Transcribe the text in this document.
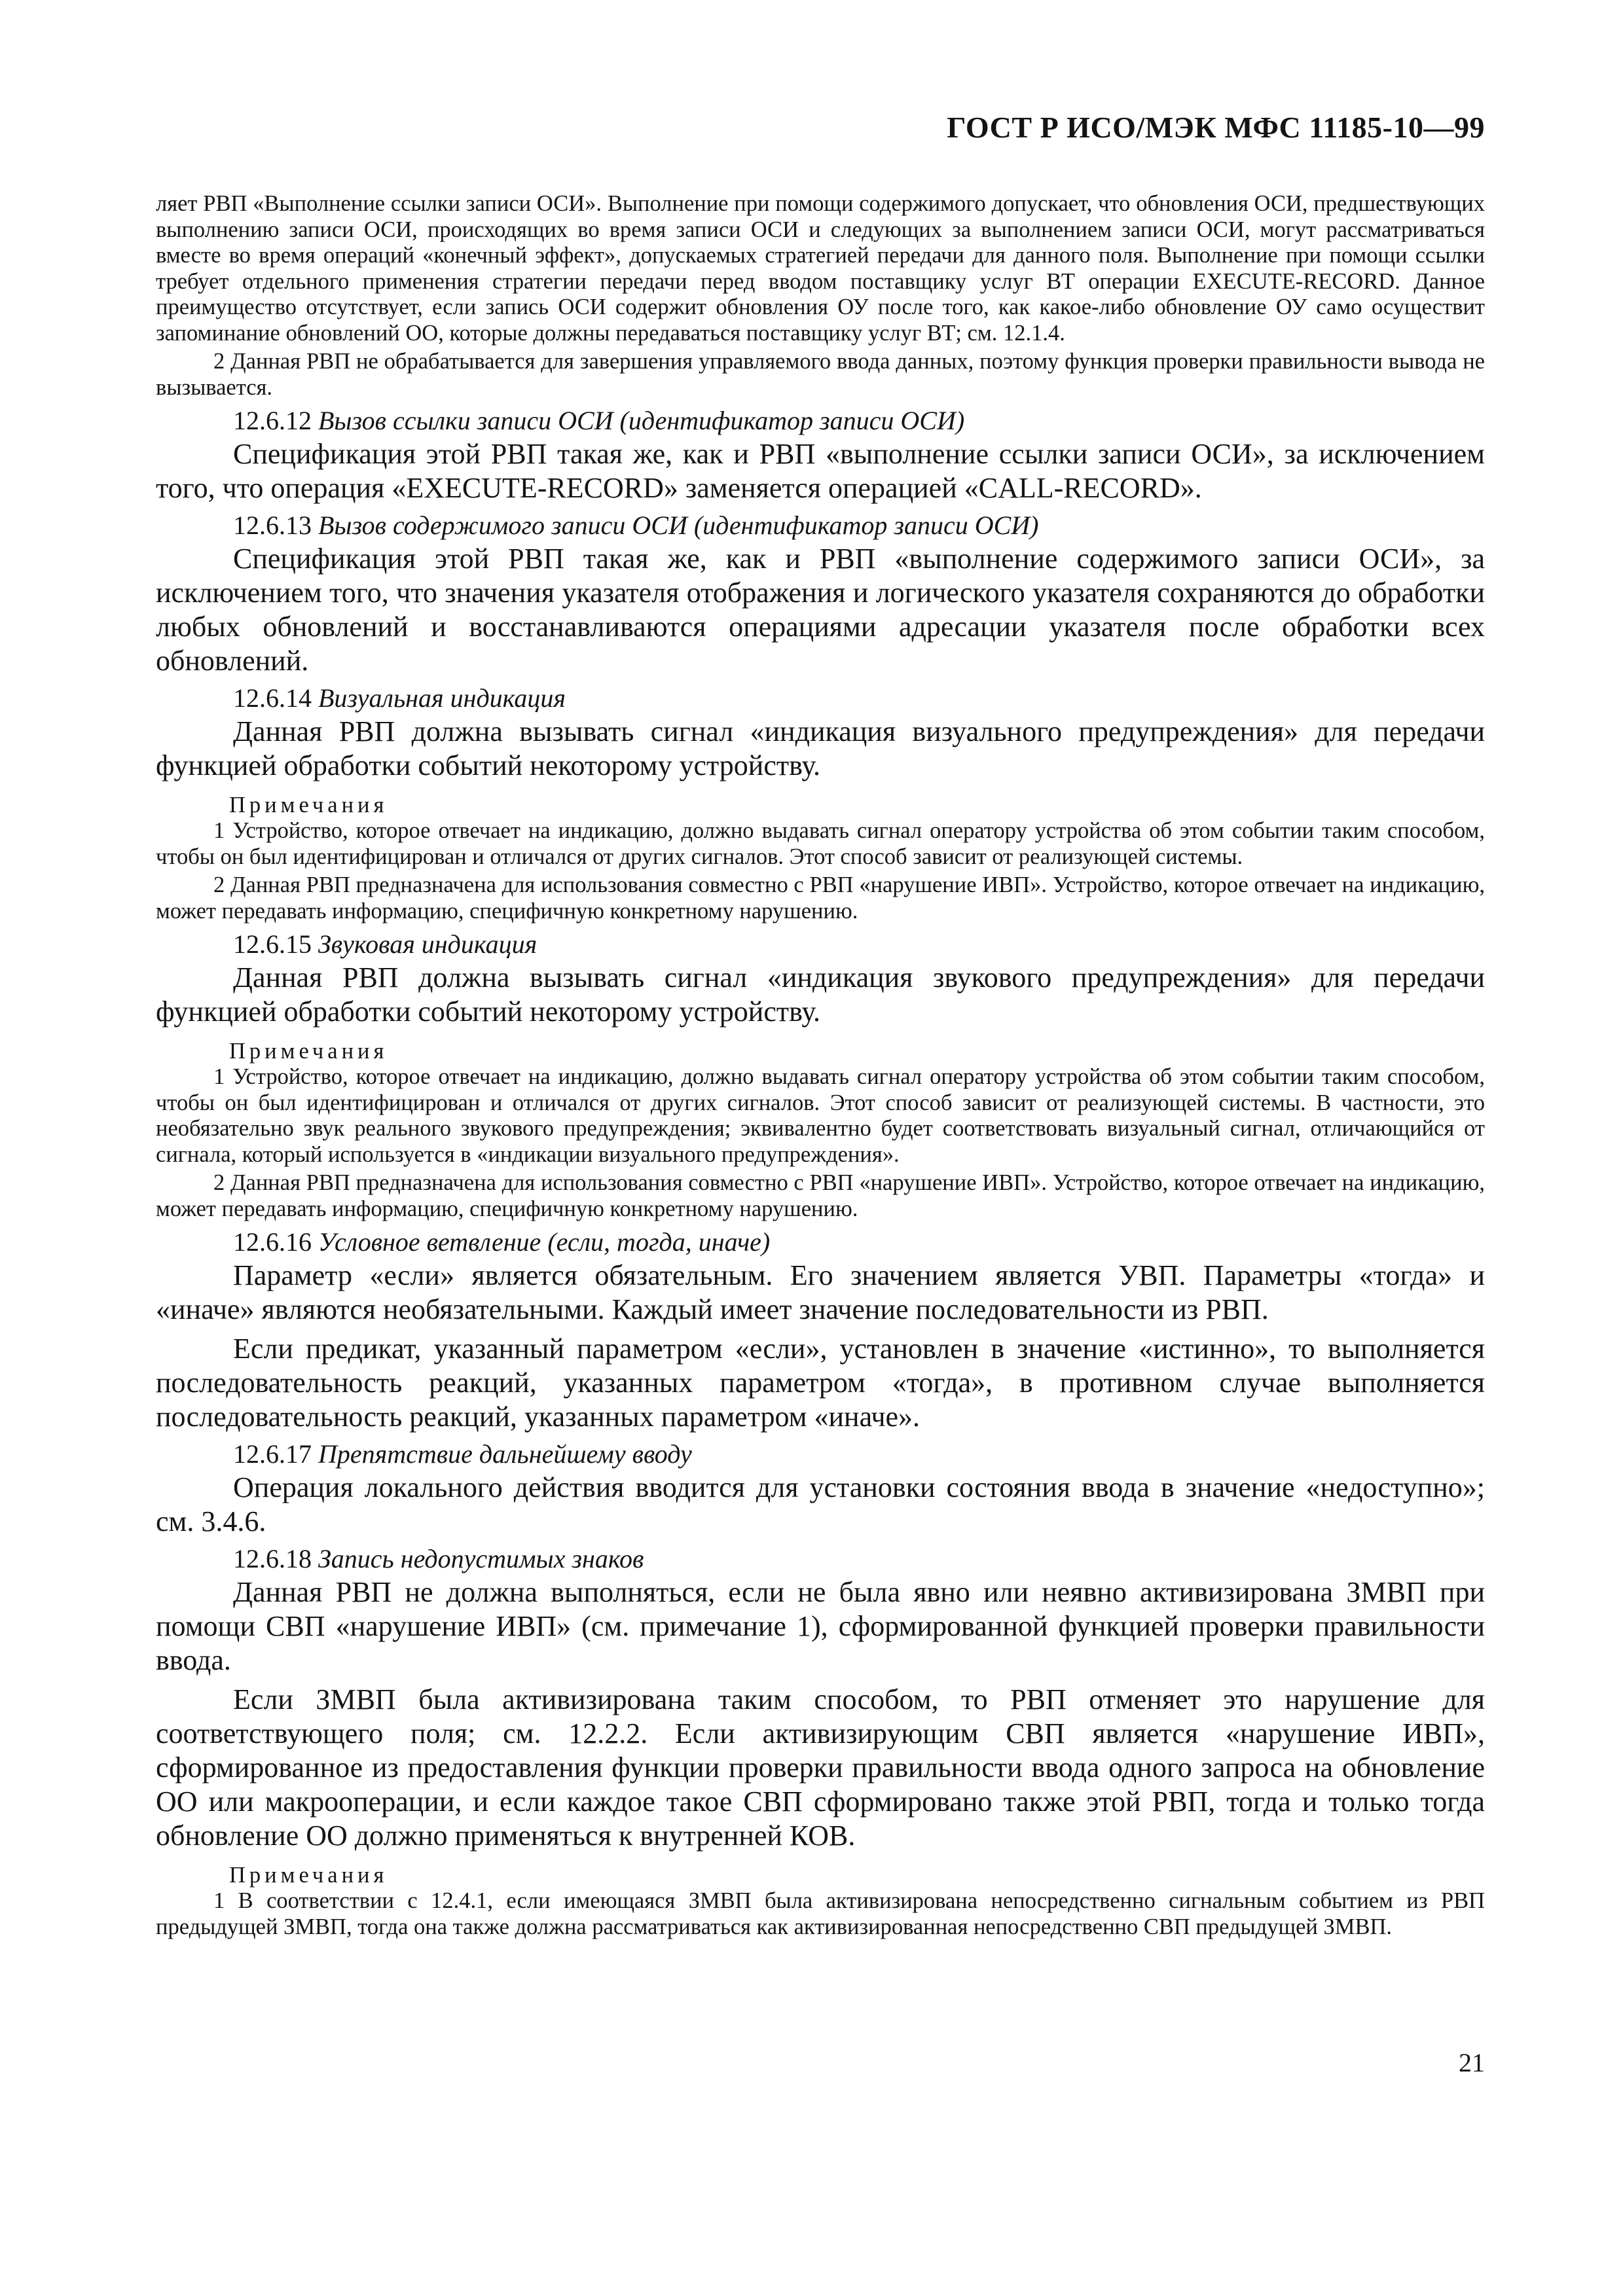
ГОСТ Р ИСО/МЭК МФС 11185-10—99

ляет РВП «Выполнение ссылки записи ОСИ». Выполнение при помощи содержимого допускает, что обновления ОСИ, предшествующих выполнению записи ОСИ, происходящих во время записи ОСИ и следующих за выполнением записи ОСИ, могут рассматриваться вместе во время операций «конечный эффект», допускаемых стратегией передачи для данного поля. Выполнение при помощи ссылки требует отдельного применения стратегии передачи перед вводом поставщику услуг ВТ операции EXECUTE-RECORD. Данное преимущество отсутствует, если запись ОСИ содержит обновления ОУ после того, как какое-либо обновление ОУ само осуществит запоминание обновлений ОО, которые должны передаваться поставщику услуг ВТ; см. 12.1.4.

2 Данная РВП не обрабатывается для завершения управляемого ввода данных, поэтому функция проверки правильности вывода не вызывается.

12.6.12 Вызов ссылки записи ОСИ (идентификатор записи ОСИ)

Спецификация этой РВП такая же, как и РВП «выполнение ссылки записи ОСИ», за исключением того, что операция «EXECUTE-RECORD» заменяется операцией «CALL-RECORD».

12.6.13 Вызов содержимого записи ОСИ (идентификатор записи ОСИ)

Спецификация этой РВП такая же, как и РВП «выполнение содержимого записи ОСИ», за исключением того, что значения указателя отображения и логического указателя сохраняются до обработки любых обновлений и восстанавливаются операциями адресации указателя после обработки всех обновлений.

12.6.14 Визуальная индикация

Данная РВП должна вызывать сигнал «индикация визуального предупреждения» для передачи функцией обработки событий некоторому устройству.

Примечания

1 Устройство, которое отвечает на индикацию, должно выдавать сигнал оператору устройства об этом событии таким способом, чтобы он был идентифицирован и отличался от других сигналов. Этот способ зависит от реализующей системы.

2 Данная РВП предназначена для использования совместно с РВП «нарушение ИВП». Устройство, которое отвечает на индикацию, может передавать информацию, специфичную конкретному нарушению.

12.6.15 Звуковая индикация

Данная РВП должна вызывать сигнал «индикация звукового предупреждения» для передачи функцией обработки событий некоторому устройству.

Примечания

1 Устройство, которое отвечает на индикацию, должно выдавать сигнал оператору устройства об этом событии таким способом, чтобы он был идентифицирован и отличался от других сигналов. Этот способ зависит от реализующей системы. В частности, это необязательно звук реального звукового предупреждения; эквивалентно будет соответствовать визуальный сигнал, отличающийся от сигнала, который используется в «индикации визуального предупреждения».

2 Данная РВП предназначена для использования совместно с РВП «нарушение ИВП». Устройство, которое отвечает на индикацию, может передавать информацию, специфичную конкретному нарушению.

12.6.16 Условное ветвление (если, тогда, иначе)

Параметр «если» является обязательным. Его значением является УВП. Параметры «тогда» и «иначе» являются необязательными. Каждый имеет значение последовательности из РВП.

Если предикат, указанный параметром «если», установлен в значение «истинно», то выполняется последовательность реакций, указанных параметром «тогда», в противном случае выполняется последовательность реакций, указанных параметром «иначе».

12.6.17 Препятствие дальнейшему вводу

Операция локального действия вводится для установки состояния ввода в значение «недоступно»; см. 3.4.6.

12.6.18 Запись недопустимых знаков

Данная РВП не должна выполняться, если не была явно или неявно активизирована ЗМВП при помощи СВП «нарушение ИВП» (см. примечание 1), сформированной функцией проверки правильности ввода.

Если ЗМВП была активизирована таким способом, то РВП отменяет это нарушение для соответствующего поля; см. 12.2.2. Если активизирующим СВП является «нарушение ИВП», сформированное из предоставления функции проверки правильности ввода одного запроса на обновление ОО или макрооперации, и если каждое такое СВП сформировано также этой РВП, тогда и только тогда обновление ОО должно применяться к внутренней КОВ.

Примечания

1 В соответствии с 12.4.1, если имеющаяся ЗМВП была активизирована непосредственно сигнальным событием из РВП предыдущей ЗМВП, тогда она также должна рассматриваться как активизированная непосредственно СВП предыдущей ЗМВП.

21
